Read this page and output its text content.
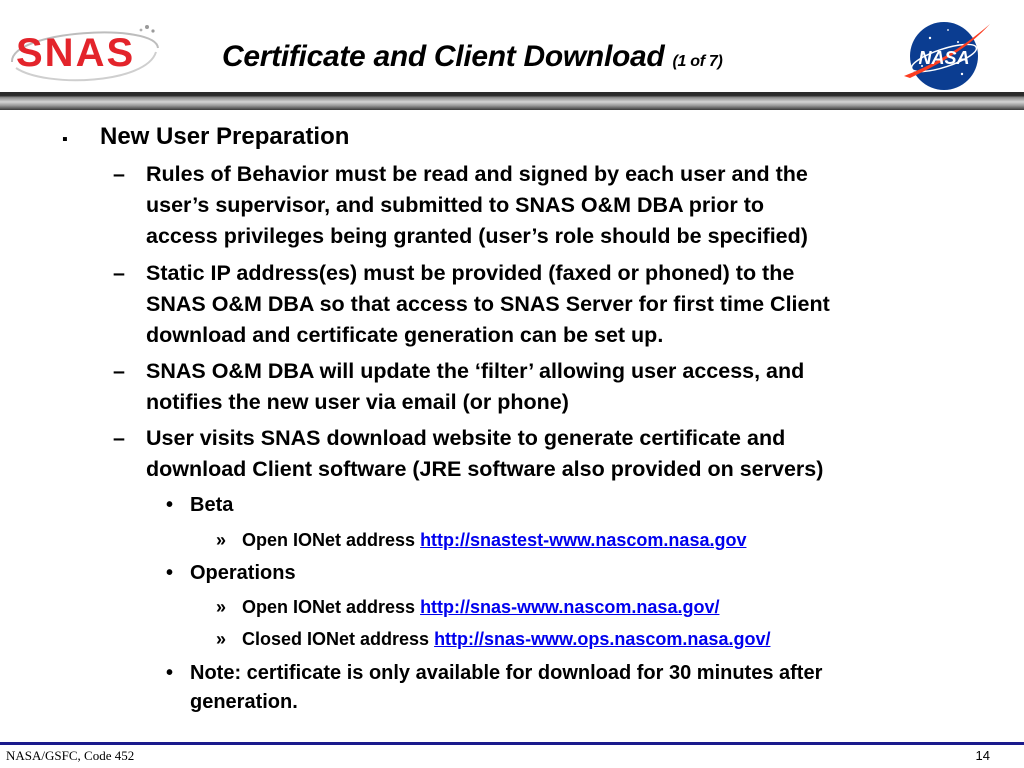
SNAS	Certificate and Client Download (1 of 7)	NASA
▪ New User Preparation
– Rules of Behavior must be read and signed by each user and the
user’s supervisor, and submitted to SNAS O&M DBA prior to
access privileges being granted (user’s role should be specified)
– Static IP address(es) must be provided (faxed or phoned) to the
SNAS O&M DBA so that access to SNAS Server for first time Client
download and certificate generation can be set up.
– SNAS O&M DBA will update the ‘filter’ allowing user access, and
notifies the new user via email (or phone)
– User visits SNAS download website to generate certificate and
download Client software (JRE software also provided on servers)
• Beta
» Open IONet address http://snastest-www.nascom.nasa.gov
• Operations
» Open IONet address http://snas-www.nascom.nasa.gov/
» Closed IONet address http://snas-www.ops.nascom.nasa.gov/
• Note: certificate is only available for download for 30 minutes after
generation.
NASA/GSFC, Code 452	14
